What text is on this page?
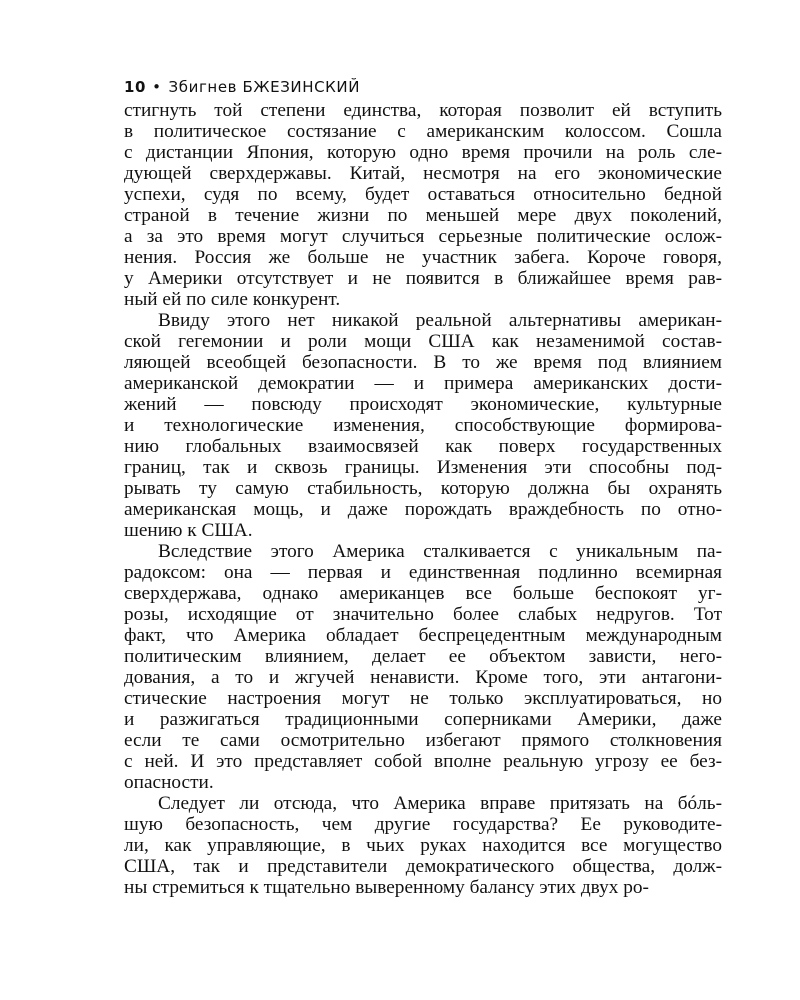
10 • Збигнев БЖЕЗИНСКИЙ
стигнуть той степени единства, которая позволит ей вступить
в политическое состязание с американским колоссом. Сошла
с дистанции Япония, которую одно время прочили на роль сле-
дующей сверхдержавы. Китай, несмотря на его экономические
успехи, судя по всему, будет оставаться относительно бедной
страной в течение жизни по меньшей мере двух поколений,
а за это время могут случиться серьезные политические ослож-
нения. Россия же больше не участник забега. Короче говоря,
у Америки отсутствует и не появится в ближайшее время рав-
ный ей по силе конкурент.
Ввиду этого нет никакой реальной альтернативы американ-
ской гегемонии и роли мощи США как незаменимой состав-
ляющей всеобщей безопасности. В то же время под влиянием
американской демократии — и примера американских дости-
жений — повсюду происходят экономические, культурные
и технологические изменения, способствующие формирова-
нию глобальных взаимосвязей как поверх государственных
границ, так и сквозь границы. Изменения эти способны под-
рывать ту самую стабильность, которую должна бы охранять
американская мощь, и даже порождать враждебность по отно-
шению к США.
Вследствие этого Америка сталкивается с уникальным па-
радоксом: она — первая и единственная подлинно всемирная
сверхдержава, однако американцев все больше беспокоят уг-
розы, исходящие от значительно более слабых недругов. Тот
факт, что Америка обладает беспрецедентным международным
политическим влиянием, делает ее объектом зависти, него-
дования, а то и жгучей ненависти. Кроме того, эти антагони-
стические настроения могут не только эксплуатироваться, но
и разжигаться традиционными соперниками Америки, даже
если те сами осмотрительно избегают прямого столкновения
с ней. И это представляет собой вполне реальную угрозу ее без-
опасности.
Следует ли отсюда, что Америка вправе притязать на бóль-
шую безопасность, чем другие государства? Ее руководите-
ли, как управляющие, в чьих руках находится все могущество
США, так и представители демократического общества, долж-
ны стремиться к тщательно выверенному балансу этих двух ро-
